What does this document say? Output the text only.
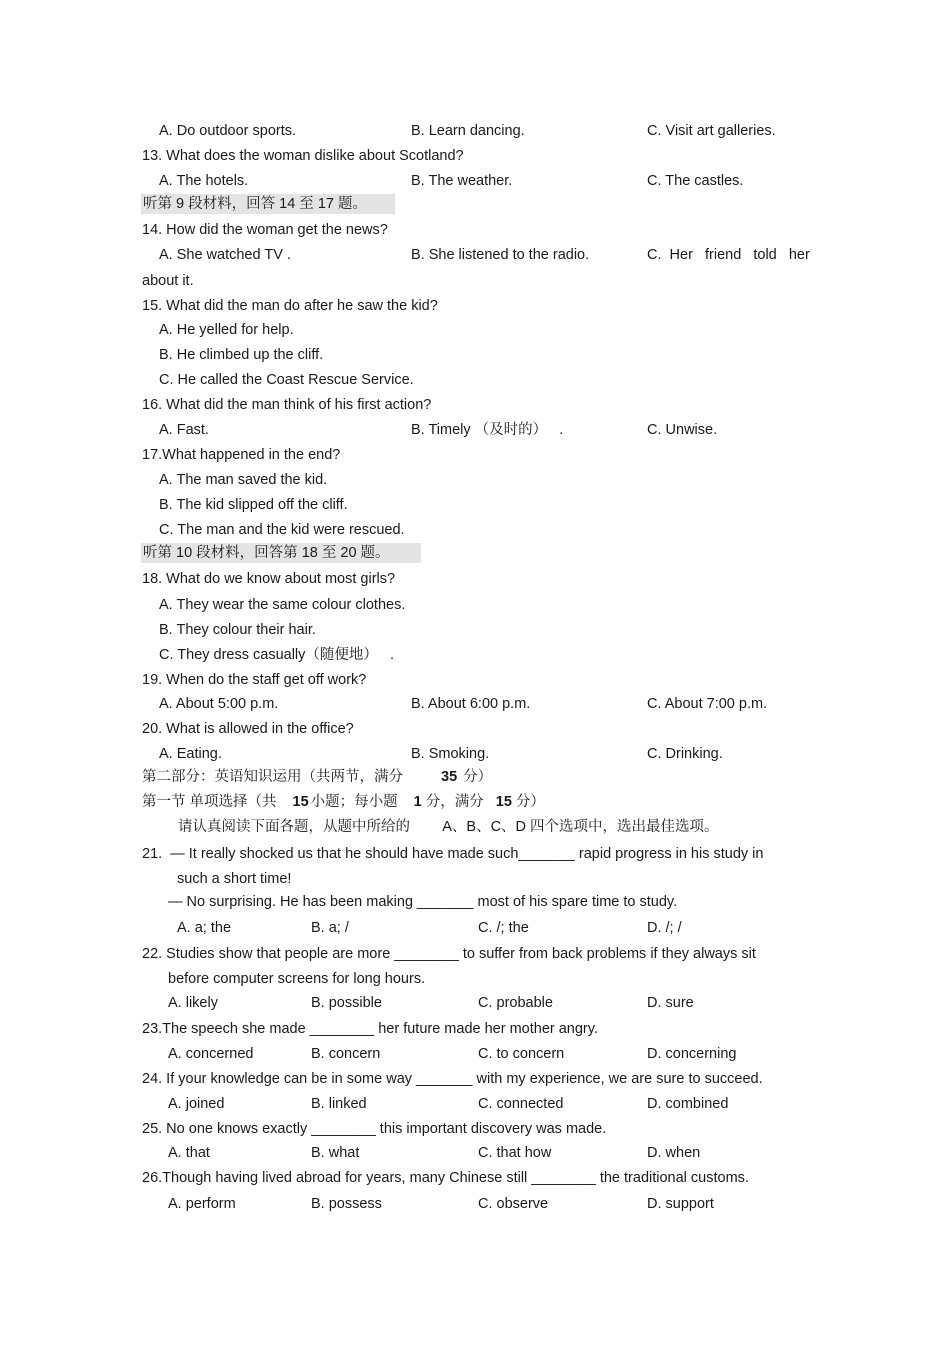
A. Do outdoor sports.	B. Learn dancing.	C. Visit art galleries.
13. What does the woman dislike about Scotland?
A. The hotels.	B. The weather.	C. The castles.
听第 9 段材料，回答 14 至 17 题。
14. How did the woman get the news?
A. She watched TV .	B. She listened to the radio.	C.  Her   friend   told   her
about it.
15. What did the man do after he saw the kid?
A. He yelled for help.
B. He climbed up the cliff.
C. He called the Coast Rescue Service.
16. What did the man think of his first action?
A. Fast.	B. Timely （及时的）   .	C. Unwise.
17.What happened in the end?
A. The man saved the kid.
B. The kid slipped off the cliff.
C. The man and the kid were rescued.
听第 10 段材料，回答第 18 至 20 题。
18. What do we know about most girls?
A. They wear the same colour clothes.
B. They colour their hair.
C. They dress casually（随便地）   .
19. When do the staff get off work?
A. About 5:00 p.m.	B. About 6:00 p.m.	C. About 7:00 p.m.
20. What is allowed in the office?
A. Eating.	B. Smoking.	C. Drinking.
第二部分：英语知识运用（共两节，满分	35 分）
第一节 单项选择（共 15 小题；每小题 1 分，满分 15 分）
请认真阅读下面各题，从题中所给的        A、B、C、D 四个选项中，选出最佳选项。
21.  — It really shocked us that he should have made such_______ rapid progress in his study in
such a short time!
— No surprising. He has been making _______ most of his spare time to study.
A. a; the	B. a; /	C. /; the	D. /; /
22. Studies show that people are more ________ to suffer from back problems if they always sit
before computer screens for long hours.
A. likely	B. possible	C. probable	D. sure
23.The speech she made ________ her future made her mother angry.
A. concerned	B. concern	C. to concern	D. concerning
24. If your knowledge can be in some way _______ with my experience, we are sure to succeed.
A. joined	B. linked	C. connected	D. combined
25. No one knows exactly ________ this important discovery was made.
A. that	B. what	C. that how	D. when
26.Though having lived abroad for years, many Chinese still ________ the traditional customs.
A. perform	B. possess	C. observe	D. support
